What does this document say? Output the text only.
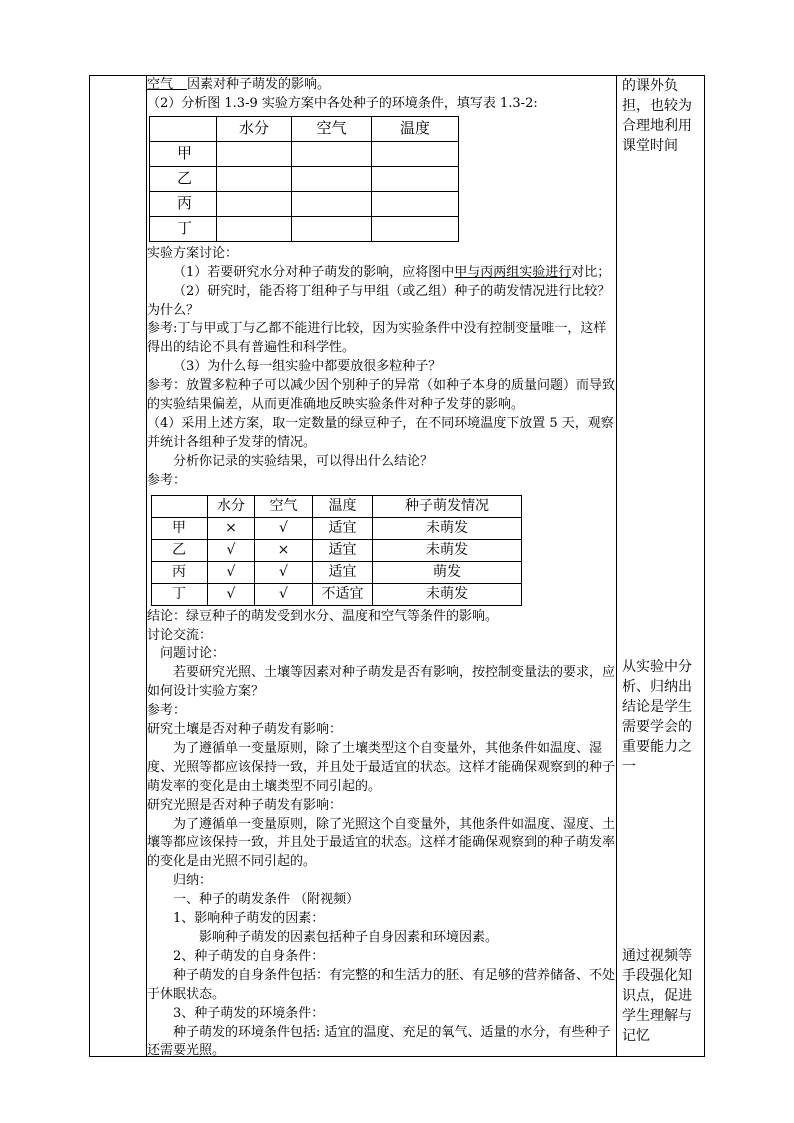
空气 因素对种子萌发的影响。

（2）分析图 1.3-9 实验方案中各处种子的环境条件，填写表 1.3-2:

	水分	空气	温度
甲			
乙			
丙			
丁			

实验方案讨论：

（1）若要研究水分对种子萌发的影响，应将图中甲与丙两组实验进行对比；

（2）研究时，能否将丁组种子与甲组（或乙组）种子的萌发情况进行比较？为什么？

参考:丁与甲或丁与乙都不能进行比较，因为实验条件中没有控制变量唯一，这样得出的结论不具有普遍性和科学性。

（3）为什么每一组实验中都要放很多粒种子？

参考：放置多粒种子可以减少因个别种子的异常（如种子本身的质量问题）而导致的实验结果偏差，从而更准确地反映实验条件对种子发芽的影响。

（4）采用上述方案，取一定数量的绿豆种子，在不同环境温度下放置 5 天，观察并统计各组种子发芽的情况。

分析你记录的实验结果，可以得出什么结论？

参考：

	水分	空气	温度	种子萌发情况
甲	×	√	适宜	未萌发
乙	√	×	适宜	未萌发
丙	√	√	适宜	萌发
丁	√	√	不适宜	未萌发

结论：绿豆种子的萌发受到水分、温度和空气等条件的影响。

讨论交流：

问题讨论：

若要研究光照、土壤等因素对种子萌发是否有影响，按控制变量法的要求，应如何设计实验方案？

参考：

研究土壤是否对种子萌发有影响：

为了遵循单一变量原则，除了土壤类型这个自变量外，其他条件如温度、湿度、光照等都应该保持一致，并且处于最适宜的状态。这样才能确保观察到的种子萌发率的变化是由土壤类型不同引起的。

研究光照是否对种子萌发有影响：

为了遵循单一变量原则，除了光照这个自变量外，其他条件如温度、湿度、土壤等都应该保持一致，并且处于最适宜的状态。这样才能确保观察到的种子萌发率的变化是由光照不同引起的。

归纳：

一、种子的萌发条件 （附视频）

1、影响种子萌发的因素：

影响种子萌发的因素包括种子自身因素和环境因素。

2、种子萌发的自身条件：

种子萌发的自身条件包括：有完整的和生活力的胚、有足够的营养储备、不处于休眠状态。

3、种子萌发的环境条件：

种子萌发的环境条件包括: 适宜的温度、充足的氧气、适量的水分，有些种子还需要光照。

的课外负担，也较为合理地利用课堂时间
从实验中分析、归纳出结论是学生需要学会的重要能力之一
通过视频等手段强化知识点，促进学生理解与记忆
